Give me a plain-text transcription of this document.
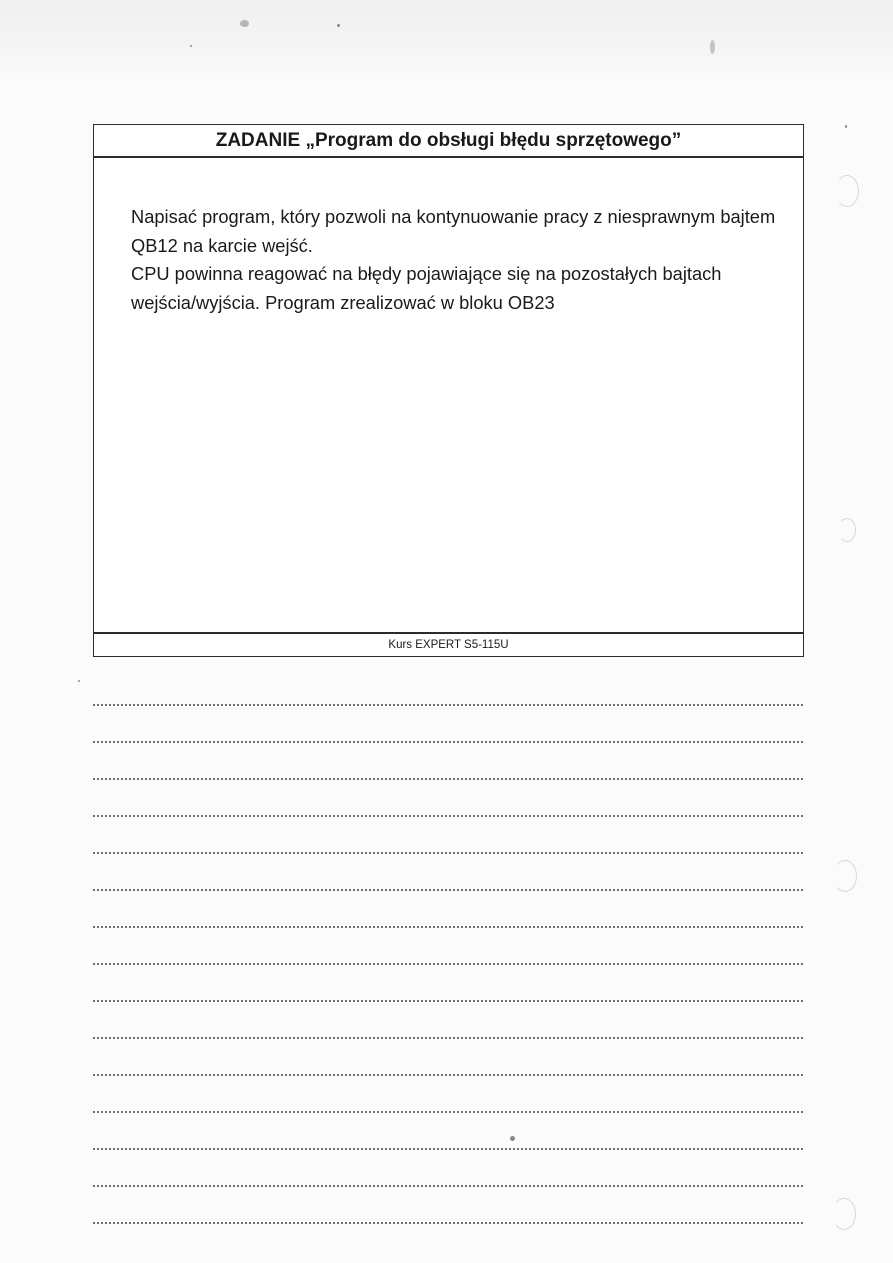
ZADANIE „Program do obsługi błędu sprzętowego”

Napisać program, który pozwoli na kontynuowanie pracy z niesprawnym bajtem QB12 na karcie wejść.

CPU powinna reagować na błędy pojawiające się na pozostałych bajtach wejścia/wyjścia. Program zrealizować w bloku OB23

Kurs EXPERT S5-115U
